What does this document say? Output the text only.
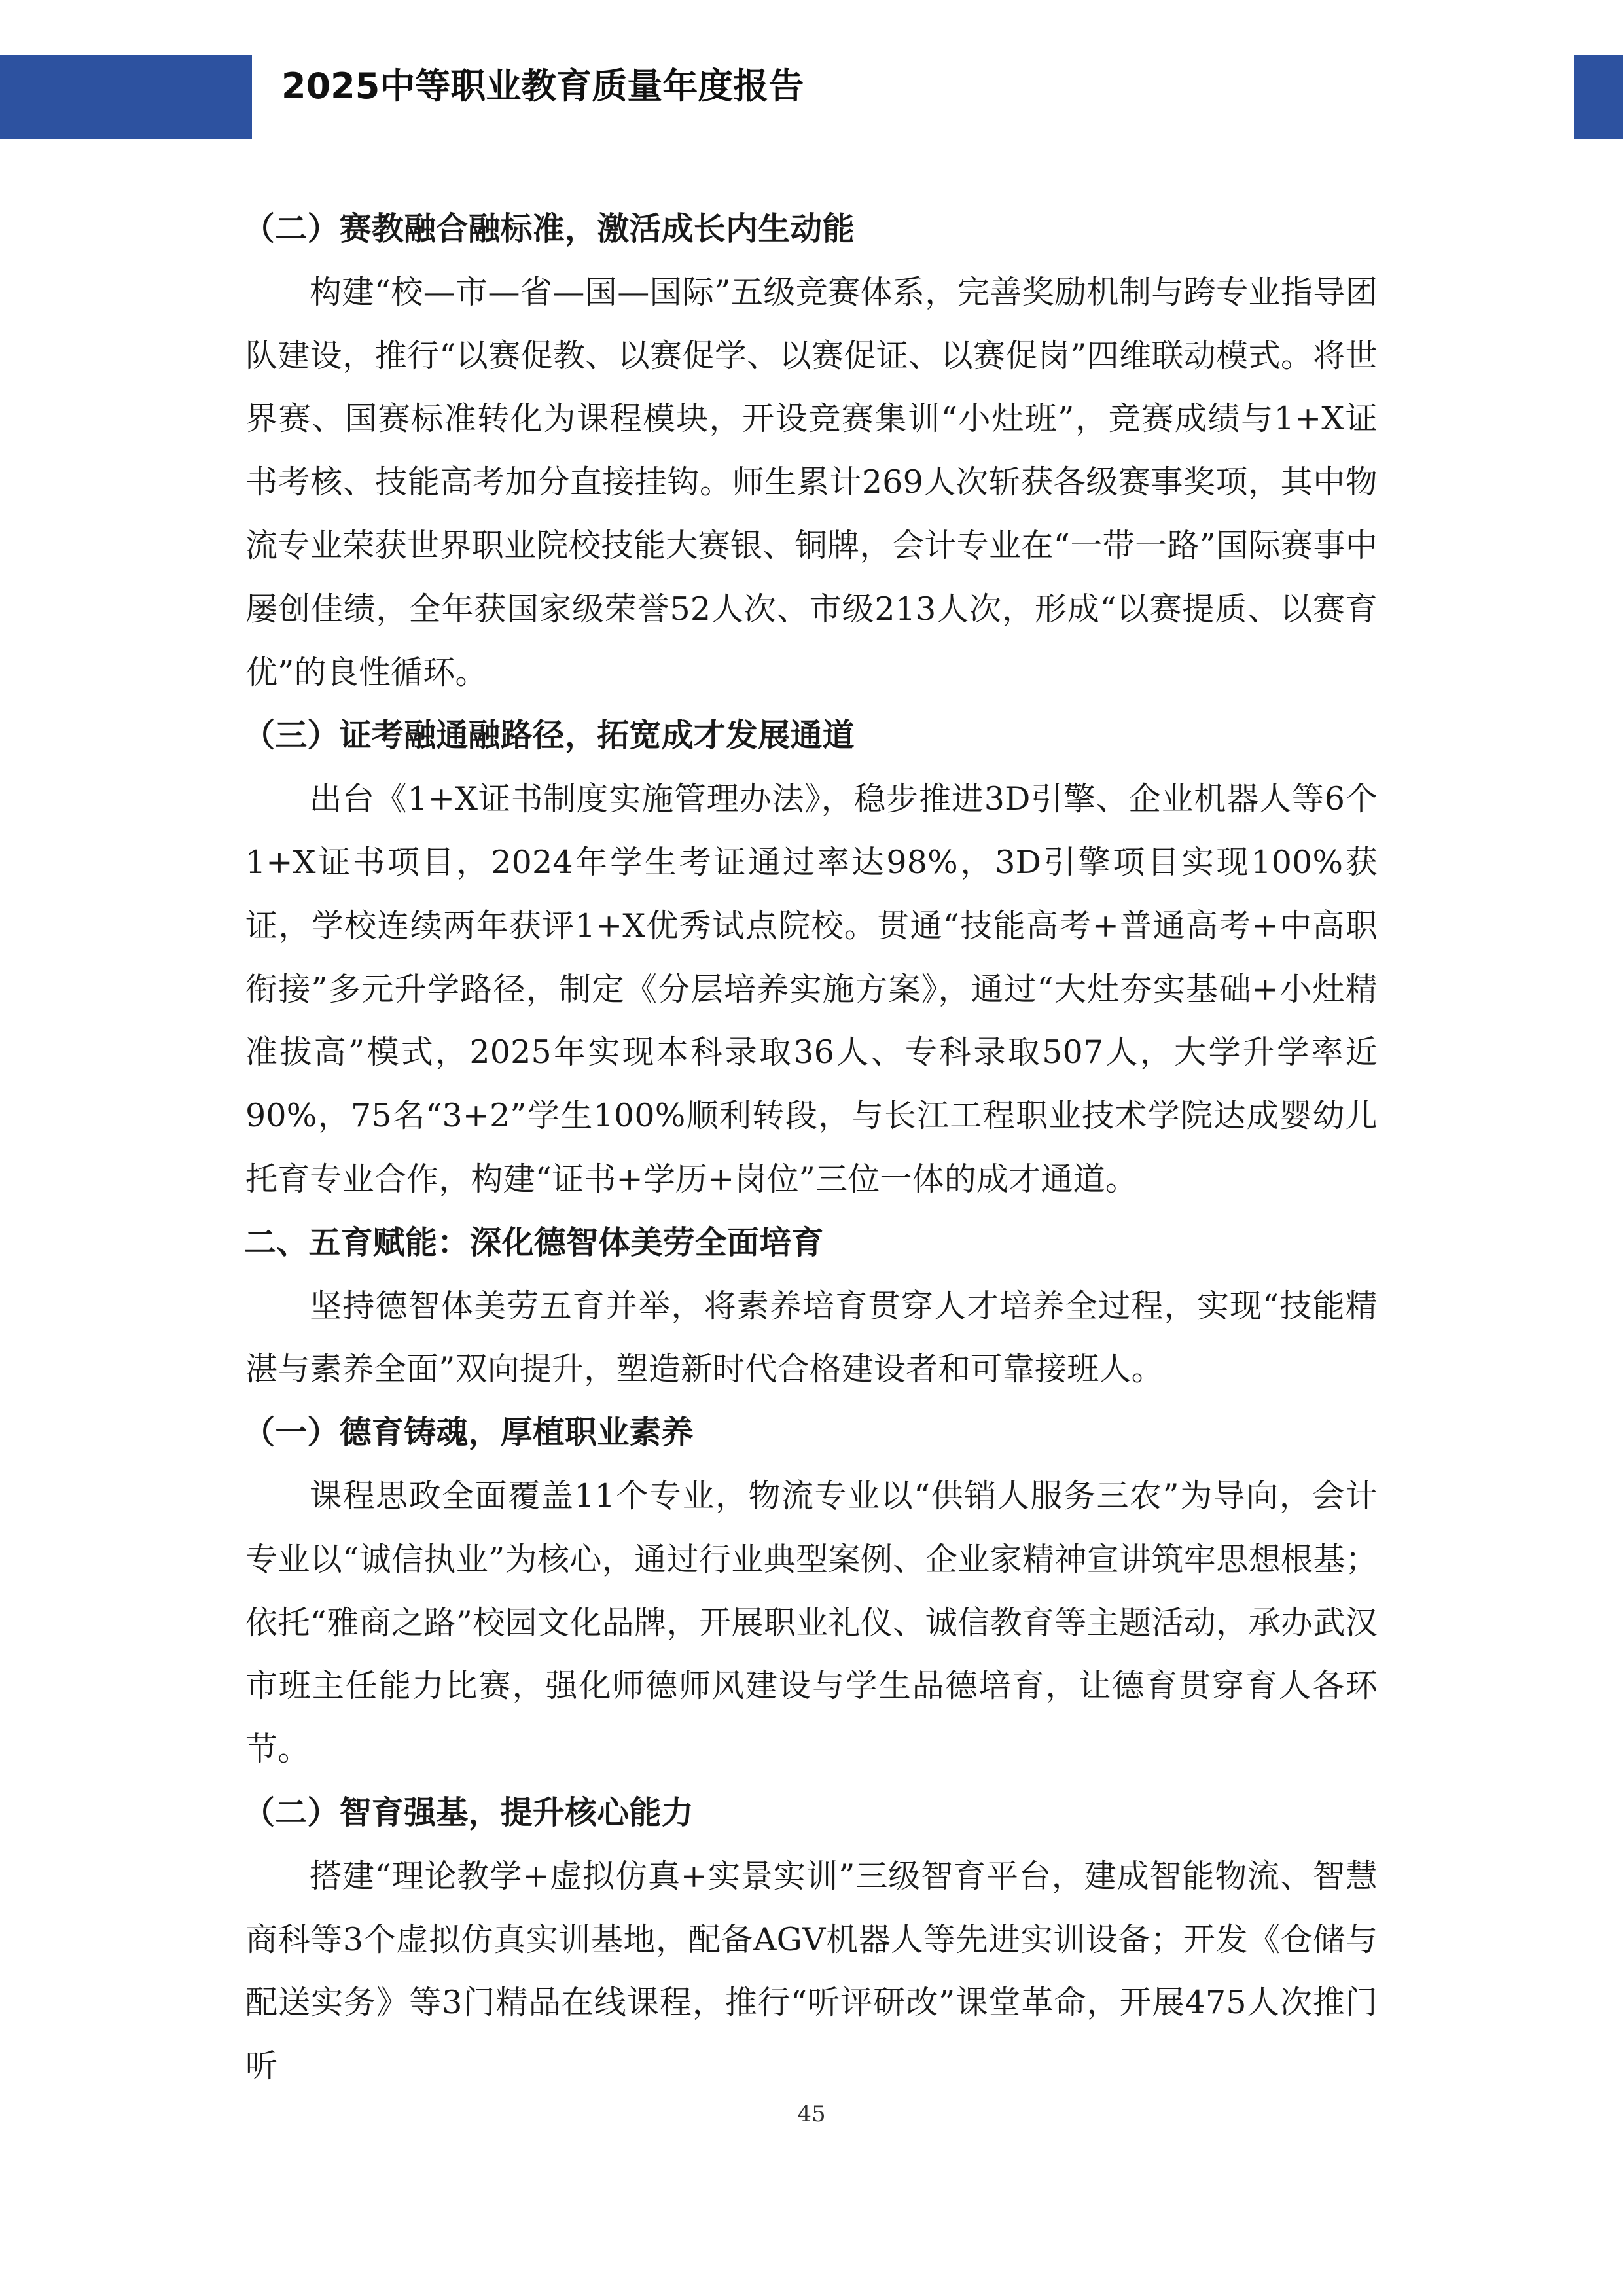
2025中等职业教育质量年度报告
（二）赛教融合融标准，激活成长内生动能
构建“校—市—省—国—国际”五级竞赛体系，完善奖励机制与跨专业指导团队建设，推行“以赛促教、以赛促学、以赛促证、以赛促岗”四维联动模式。将世界赛、国赛标准转化为课程模块，开设竞赛集训“小灶班”，竞赛成绩与1+X证书考核、技能高考加分直接挂钩。师生累计269人次斩获各级赛事奖项，其中物流专业荣获世界职业院校技能大赛银、铜牌，会计专业在“一带一路”国际赛事中屡创佳绩，全年获国家级荣誉52人次、市级213人次，形成“以赛提质、以赛育优”的良性循环。
（三）证考融通融路径，拓宽成才发展通道
出台《1+X证书制度实施管理办法》，稳步推进3D引擎、企业机器人等6个1+X证书项目，2024年学生考证通过率达98%，3D引擎项目实现100%获证，学校连续两年获评1+X优秀试点院校。贯通“技能高考+普通高考+中高职衔接”多元升学路径，制定《分层培养实施方案》，通过“大灶夯实基础+小灶精准拔高”模式，2025年实现本科录取36人、专科录取507人，大学升学率近90%，75名“3+2”学生100%顺利转段，与长江工程职业技术学院达成婴幼儿托育专业合作，构建“证书+学历+岗位”三位一体的成才通道。
二、五育赋能：深化德智体美劳全面培育
坚持德智体美劳五育并举，将素养培育贯穿人才培养全过程，实现“技能精湛与素养全面”双向提升，塑造新时代合格建设者和可靠接班人。
（一）德育铸魂，厚植职业素养
课程思政全面覆盖11个专业，物流专业以“供销人服务三农”为导向，会计专业以“诚信执业”为核心，通过行业典型案例、企业家精神宣讲筑牢思想根基；依托“雅商之路”校园文化品牌，开展职业礼仪、诚信教育等主题活动，承办武汉市班主任能力比赛，强化师德师风建设与学生品德培育，让德育贯穿育人各环节。
（二）智育强基，提升核心能力
搭建“理论教学+虚拟仿真+实景实训”三级智育平台，建成智能物流、智慧商科等3个虚拟仿真实训基地，配备AGV机器人等先进实训设备；开发《仓储与配送实务》等3门精品在线课程，推行“听评研改”课堂革命，开展475人次推门听
45
